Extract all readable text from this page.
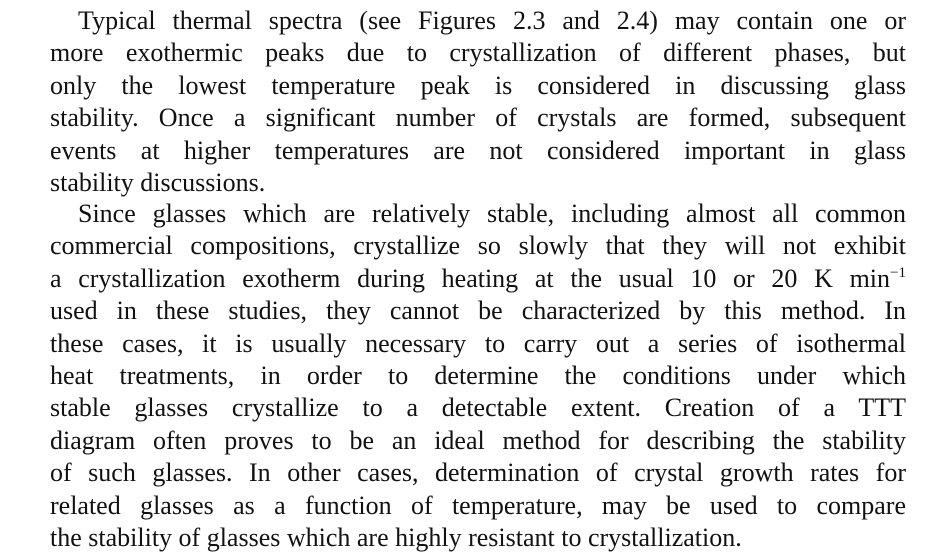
Typical thermal spectra (see Figures 2.3 and 2.4) may contain one or
more exothermic peaks due to crystallization of different phases, but
only the lowest temperature peak is considered in discussing glass
stability. Once a significant number of crystals are formed, subsequent
events at higher temperatures are not considered important in glass
stability discussions.
Since glasses which are relatively stable, including almost all common
commercial compositions, crystallize so slowly that they will not exhibit
a crystallization exotherm during heating at the usual 10 or 20 K $\min^{-1}$
used in these studies, they cannot be characterized by this method. In
these cases, it is usually necessary to carry out a series of isothermal
heat treatments, in order to determine the conditions under which
stable glasses crystallize to a detectable extent. Creation of a TTT
diagram often proves to be an ideal method for describing the stability
of such glasses. In other cases, determination of crystal growth rates for
related glasses as a function of temperature, may be used to compare
the stability of glasses which are highly resistant to crystallization.
